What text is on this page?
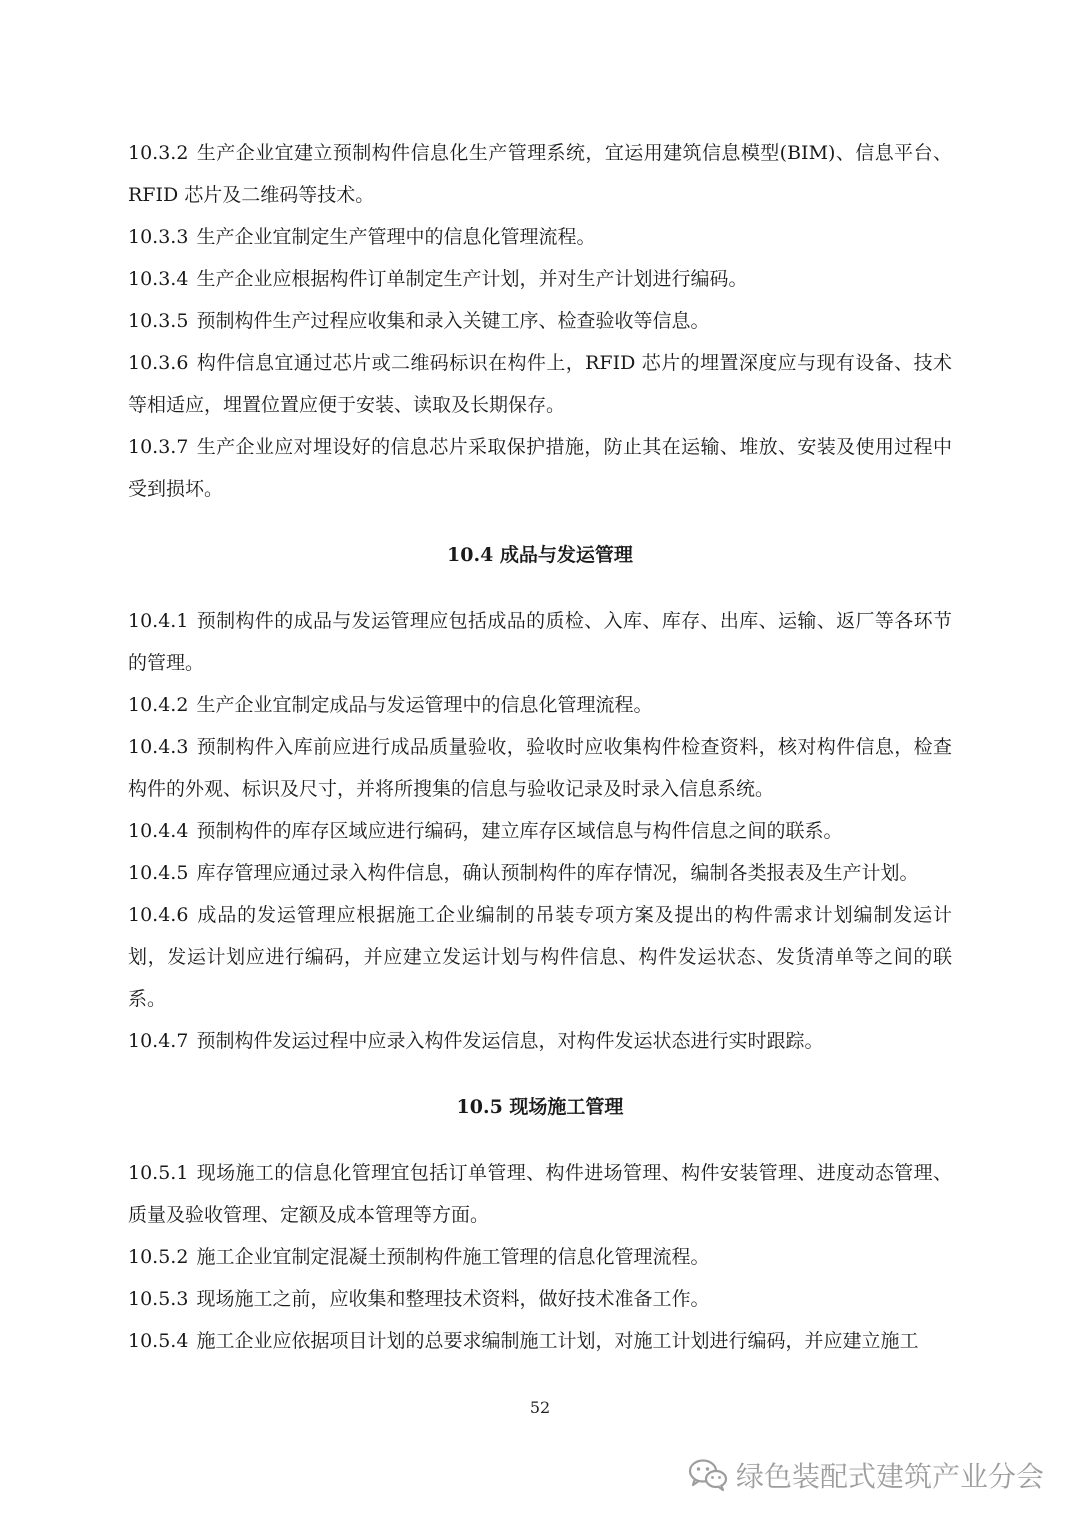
10.3.2 生产企业宜建立预制构件信息化生产管理系统，宜运用建筑信息模型(BIM)、信息平台、RFID 芯片及二维码等技术。

10.3.3 生产企业宜制定生产管理中的信息化管理流程。

10.3.4 生产企业应根据构件订单制定生产计划，并对生产计划进行编码。

10.3.5 预制构件生产过程应收集和录入关键工序、检查验收等信息。

10.3.6 构件信息宜通过芯片或二维码标识在构件上，RFID 芯片的埋置深度应与现有设备、技术等相适应，埋置位置应便于安装、读取及长期保存。

10.3.7 生产企业应对埋设好的信息芯片采取保护措施，防止其在运输、堆放、安装及使用过程中受到损坏。

10.4 成品与发运管理

10.4.1 预制构件的成品与发运管理应包括成品的质检、入库、库存、出库、运输、返厂等各环节的管理。

10.4.2 生产企业宜制定成品与发运管理中的信息化管理流程。

10.4.3 预制构件入库前应进行成品质量验收，验收时应收集构件检查资料，核对构件信息，检查构件的外观、标识及尺寸，并将所搜集的信息与验收记录及时录入信息系统。

10.4.4 预制构件的库存区域应进行编码，建立库存区域信息与构件信息之间的联系。

10.4.5 库存管理应通过录入构件信息，确认预制构件的库存情况，编制各类报表及生产计划。

10.4.6 成品的发运管理应根据施工企业编制的吊装专项方案及提出的构件需求计划编制发运计划，发运计划应进行编码，并应建立发运计划与构件信息、构件发运状态、发货清单等之间的联系。

10.4.7 预制构件发运过程中应录入构件发运信息，对构件发运状态进行实时跟踪。

10.5 现场施工管理

10.5.1 现场施工的信息化管理宜包括订单管理、构件进场管理、构件安装管理、进度动态管理、质量及验收管理、定额及成本管理等方面。

10.5.2 施工企业宜制定混凝土预制构件施工管理的信息化管理流程。

10.5.3 现场施工之前，应收集和整理技术资料，做好技术准备工作。

10.5.4 施工企业应依据项目计划的总要求编制施工计划，对施工计划进行编码，并应建立施工

52
绿色装配式建筑产业分会
